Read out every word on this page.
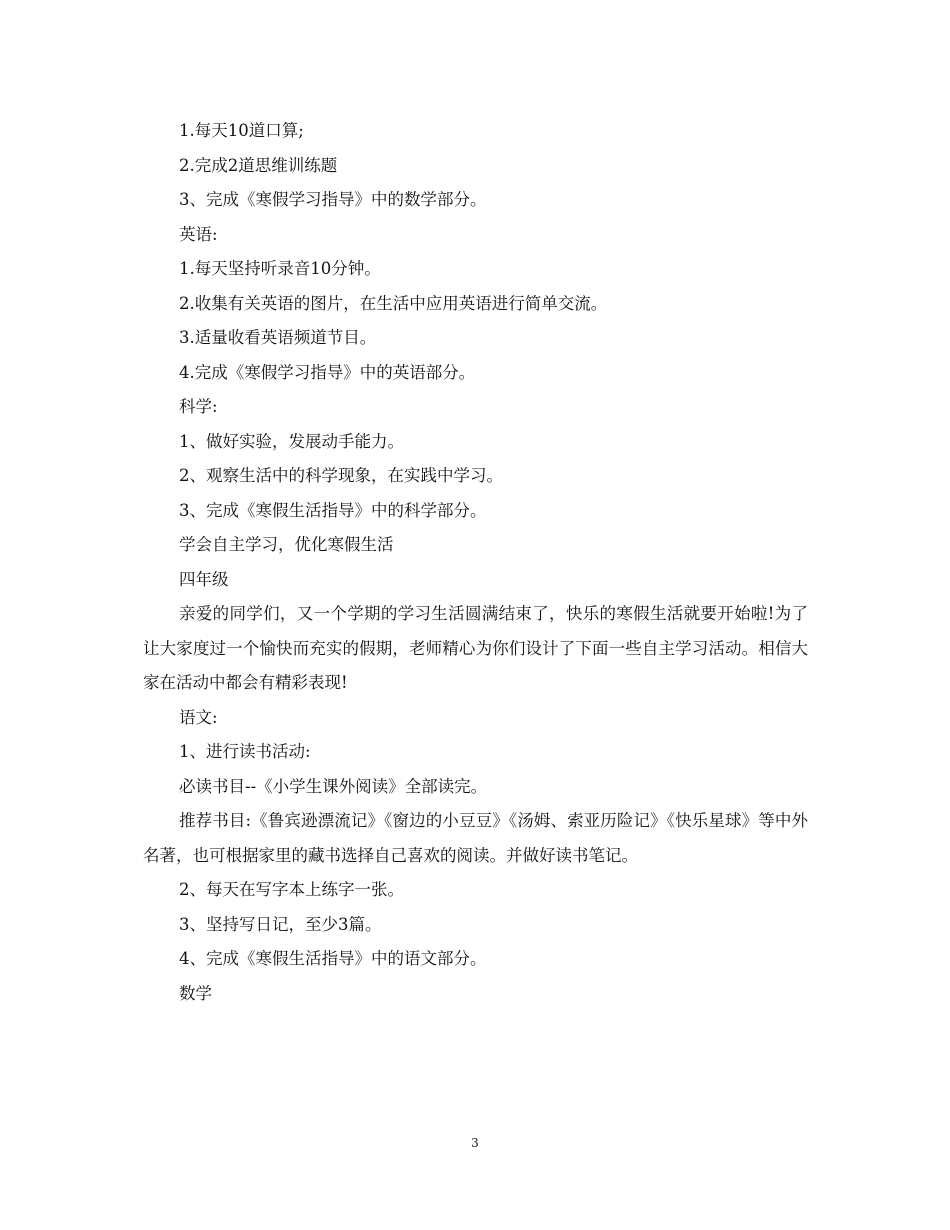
1.每天10道口算;

2.完成2道思维训练题

3、完成《寒假学习指导》中的数学部分。

英语:

1.每天坚持听录音10分钟。

2.收集有关英语的图片，在生活中应用英语进行简单交流。

3.适量收看英语频道节目。

4.完成《寒假学习指导》中的英语部分。

科学:

1、做好实验，发展动手能力。

2、观察生活中的科学现象，在实践中学习。

3、完成《寒假生活指导》中的科学部分。

学会自主学习，优化寒假生活

四年级

亲爱的同学们，又一个学期的学习生活圆满结束了，快乐的寒假生活就要开始啦!为了让大家度过一个愉快而充实的假期，老师精心为你们设计了下面一些自主学习活动。相信大家在活动中都会有精彩表现!

语文:

1、进行读书活动:

必读书目--《小学生课外阅读》全部读完。

推荐书目:《鲁宾逊漂流记》《窗边的小豆豆》《汤姆、索亚历险记》《快乐星球》等中外名著，也可根据家里的藏书选择自己喜欢的阅读。并做好读书笔记。

2、每天在写字本上练字一张。

3、坚持写日记，至少3篇。

4、完成《寒假生活指导》中的语文部分。

数学

3
